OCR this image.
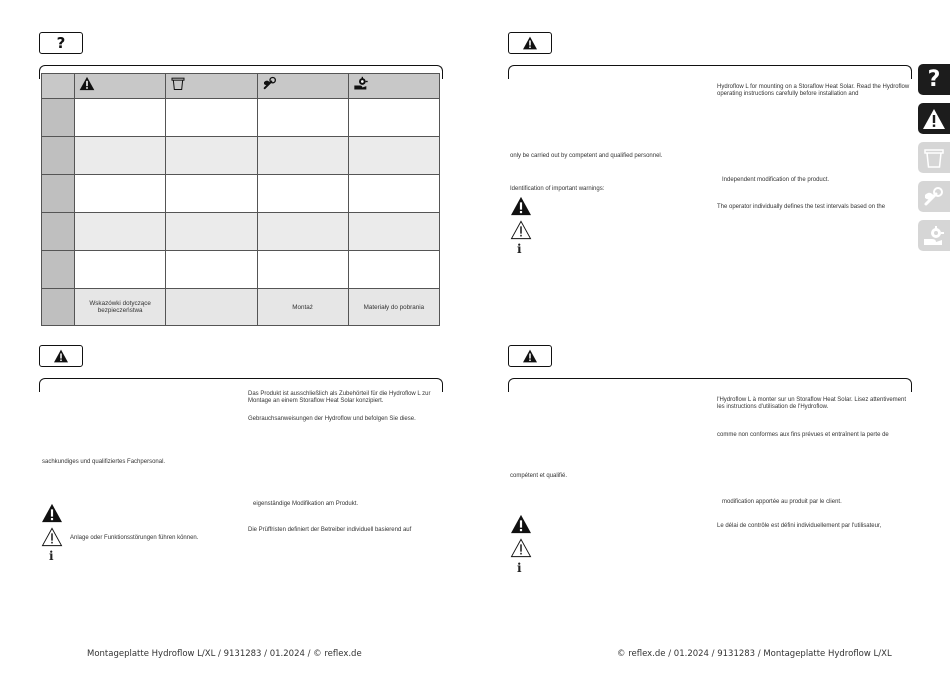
?

	Wskazówki dotyczące bezpieczeństwa		Montaż	Materiały do pobrania
Das Produkt ist ausschließlich als Zubehörteil für die Hydroflow L zur Montage an einem Storaflow Heat Solar konzipiert.
Gebrauchsanweisungen der Hydroflow und befolgen Sie diese.
sachkundiges und qualifiziertes Fachpersonal.
eigenständige Modifikation am Produkt.
Die Prüffristen definiert der Betreiber individuell basierend auf
Anlage oder Funktionsstörungen führen können.
i
Montageplatte Hydroflow L/XL / 9131283 / 01.2024 / © reflex.de
Hydroflow L for mounting on a Storaflow Heat Solar. Read the Hydroflow operating instructions carefully before installation and
only be carried out by competent and qualified personnel.
Independent modification of the product.
Identification of important warnings:
The operator individually defines the test intervals based on the
i
l'Hydroflow L à monter sur un Storaflow Heat Solar. Lisez attentivement les instructions d'utilisation de l'Hydroflow.
comme non conformes aux fins prévues et entraînent la perte de
compétent et qualifié.
modification apportée au produit par le client.
Le délai de contrôle est défini individuellement par l'utilisateur,
i
© reflex.de / 01.2024 / 9131283 / Montageplatte Hydroflow L/XL
?
